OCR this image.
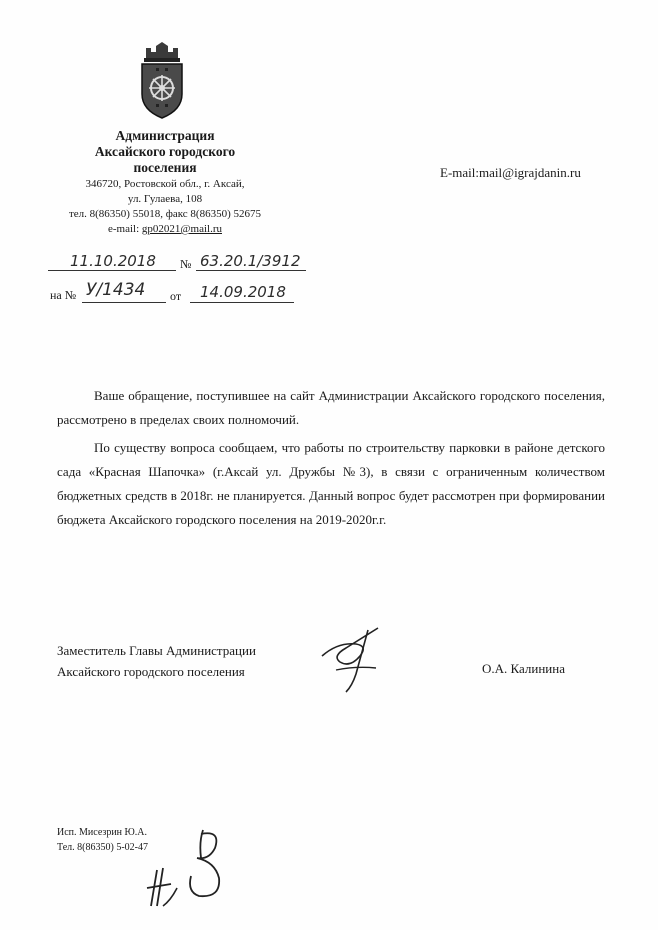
Администрация
Аксайского городского
поселения
346720, Ростовской обл., г. Аксай,
ул. Гулаева, 108
тел. 8(86350) 55018, факс 8(86350) 52675
e-mail: gp02021@mail.ru
E-mail:mail@igrajdanin.ru
11.10.2018 № 63.20.1/3912
на № У/1434 от 14.09.2018

Ваше обращение, поступившее на сайт Администрации Аксайского городского поселения, рассмотрено в пределах своих полномочий.

По существу вопроса сообщаем, что работы по строительству парковки в районе детского сада «Красная Шапочка» (г.Аксай ул. Дружбы №3), в связи с ограниченным количеством бюджетных средств в 2018г. не планируется. Данный вопрос будет рассмотрен при формировании бюджета Аксайского городского поселения на 2019-2020г.г.

Заместитель Главы Администрации
Аксайского городского поселения	О.А. Калинина
Исп. Мисезрин Ю.А.
Тел. 8(86350) 5-02-47
